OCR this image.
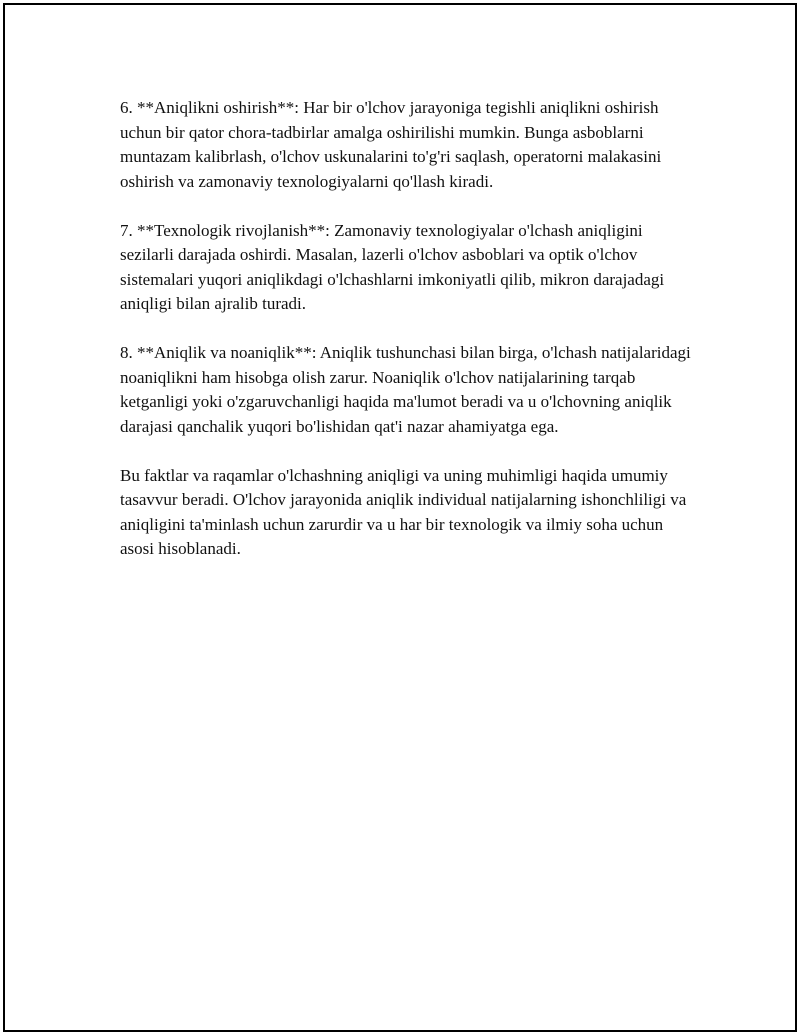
6. **Aniqlikni oshirish**: Har bir o'lchov jarayoniga tegishli aniqlikni oshirish uchun bir qator chora-tadbirlar amalga oshirilishi mumkin. Bunga asboblarni muntazam kalibrlash, o'lchov uskunalarini to'g'ri saqlash, operatorni malakasini oshirish va zamonaviy texnologiyalarni qo'llash kiradi.

7. **Texnologik rivojlanish**: Zamonaviy texnologiyalar o'lchash aniqligini sezilarli darajada oshirdi. Masalan, lazerli o'lchov asboblari va optik o'lchov sistemalari yuqori aniqlikdagi o'lchashlarni imkoniyatli qilib, mikron darajadagi aniqligi bilan ajralib turadi.

8. **Aniqlik va noaniqlik**: Aniqlik tushunchasi bilan birga, o'lchash natijalaridagi noaniqlikni ham hisobga olish zarur. Noaniqlik o'lchov natijalarining tarqab ketganligi yoki o'zgaruvchanligi haqida ma'lumot beradi va u o'lchovning aniqlik darajasi qanchalik yuqori bo'lishidan qat'i nazar ahamiyatga ega.

Bu faktlar va raqamlar o'lchashning aniqligi va uning muhimligi haqida umumiy tasavvur beradi. O'lchov jarayonida aniqlik individual natijalarning ishonchliligi va aniqligini ta'minlash uchun zarurdir va u har bir texnologik va ilmiy soha uchun asosi hisoblanadi.
